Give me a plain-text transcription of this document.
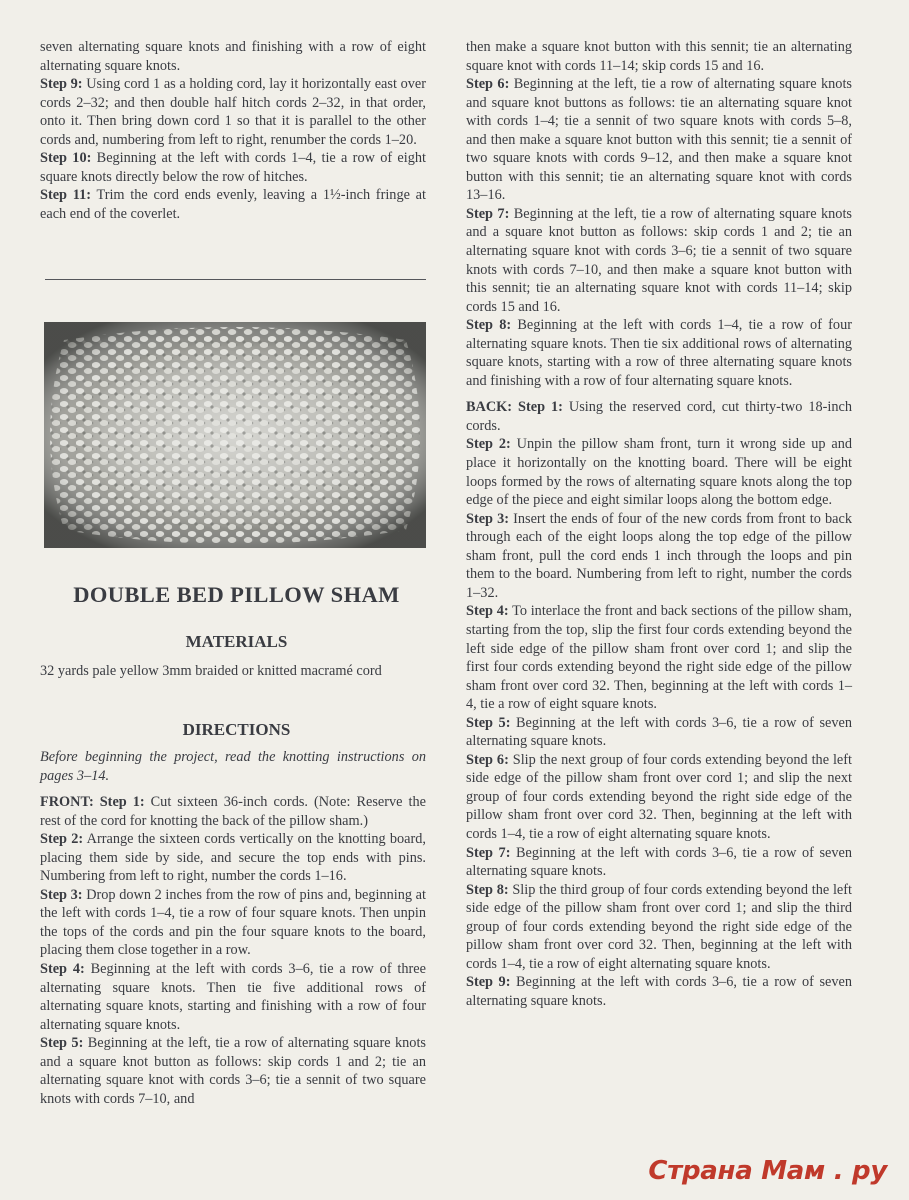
seven alternating square knots and finishing with a row of eight alternating square knots.

Step 9: Using cord 1 as a holding cord, lay it horizontally east over cords 2–32; and then double half hitch cords 2–32, in that order, onto it. Then bring down cord 1 so that it is parallel to the other cords and, numbering from left to right, renumber the cords 1–20.

Step 10: Beginning at the left with cords 1–4, tie a row of eight square knots directly below the row of hitches.

Step 11: Trim the cord ends evenly, leaving a 1½-inch fringe at each end of the coverlet.

DOUBLE BED PILLOW SHAM
MATERIALS

32 yards pale yellow 3mm braided or knitted macramé cord

DIRECTIONS

Before beginning the project, read the knotting instructions on pages 3–14.

FRONT: Step 1: Cut sixteen 36-inch cords. (Note: Reserve the rest of the cord for knotting the back of the pillow sham.)

Step 2: Arrange the sixteen cords vertically on the knotting board, placing them side by side, and secure the top ends with pins. Numbering from left to right, number the cords 1–16.

Step 3: Drop down 2 inches from the row of pins and, beginning at the left with cords 1–4, tie a row of four square knots. Then unpin the tops of the cords and pin the four square knots to the board, placing them close together in a row.

Step 4: Beginning at the left with cords 3–6, tie a row of three alternating square knots. Then tie five additional rows of alternating square knots, starting and finishing with a row of four alternating square knots.

Step 5: Beginning at the left, tie a row of alternating square knots and a square knot button as follows: skip cords 1 and 2; tie an alternating square knot with cords 3–6; tie a sennit of two square knots with cords 7–10, and

then make a square knot button with this sennit; tie an alternating square knot with cords 11–14; skip cords 15 and 16.

Step 6: Beginning at the left, tie a row of alternating square knots and square knot buttons as follows: tie an alternating square knot with cords 1–4; tie a sennit of two square knots with cords 5–8, and then make a square knot button with this sennit; tie a sennit of two square knots with cords 9–12, and then make a square knot button with this sennit; tie an alternating square knot with cords 13–16.

Step 7: Beginning at the left, tie a row of alternating square knots and a square knot button as follows: skip cords 1 and 2; tie an alternating square knot with cords 3–6; tie a sennit of two square knots with cords 7–10, and then make a square knot button with this sennit; tie an alternating square knot with cords 11–14; skip cords 15 and 16.

Step 8: Beginning at the left with cords 1–4, tie a row of four alternating square knots. Then tie six additional rows of alternating square knots, starting with a row of three alternating square knots and finishing with a row of four alternating square knots.

BACK: Step 1: Using the reserved cord, cut thirty-two 18-inch cords.

Step 2: Unpin the pillow sham front, turn it wrong side up and place it horizontally on the knotting board. There will be eight loops formed by the rows of alternating square knots along the top edge of the piece and eight similar loops along the bottom edge.

Step 3: Insert the ends of four of the new cords from front to back through each of the eight loops along the top edge of the pillow sham front, pull the cord ends 1 inch through the loops and pin them to the board. Numbering from left to right, number the cords 1–32.

Step 4: To interlace the front and back sections of the pillow sham, starting from the top, slip the first four cords extending beyond the left side edge of the pillow sham front over cord 1; and slip the first four cords extending beyond the right side edge of the pillow sham front over cord 32. Then, beginning at the left with cords 1–4, tie a row of eight square knots.

Step 5: Beginning at the left with cords 3–6, tie a row of seven alternating square knots.

Step 6: Slip the next group of four cords extending beyond the left side edge of the pillow sham front over cord 1; and slip the next group of four cords extending beyond the right side edge of the pillow sham front over cord 32. Then, beginning at the left with cords 1–4, tie a row of eight alternating square knots.

Step 7: Beginning at the left with cords 3–6, tie a row of seven alternating square knots.

Step 8: Slip the third group of four cords extending beyond the left side edge of the pillow sham front over cord 1; and slip the third group of four cords extending beyond the right side edge of the pillow sham front over cord 32. Then, beginning at the left with cords 1–4, tie a row of eight alternating square knots.

Step 9: Beginning at the left with cords 3–6, tie a row of seven alternating square knots.

Страна Мам . ру
